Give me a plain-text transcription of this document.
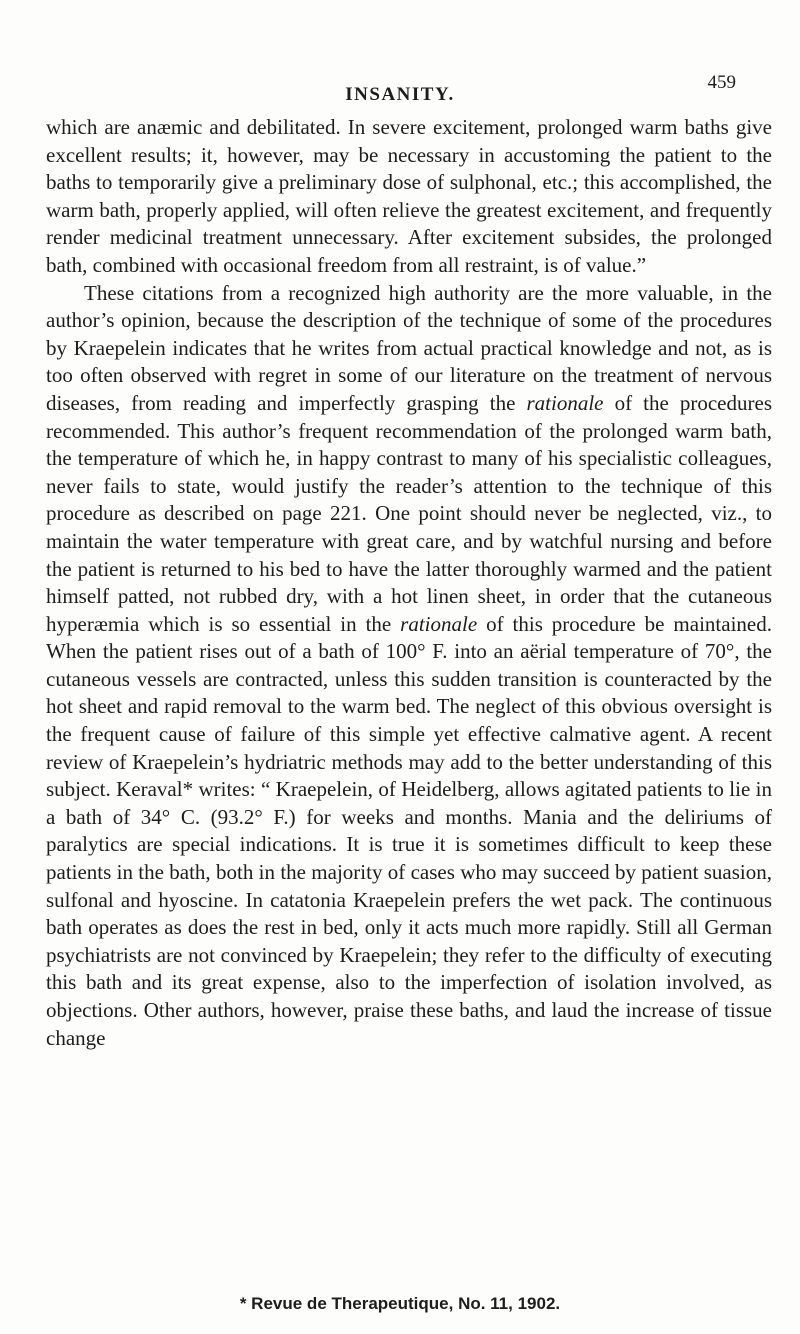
INSANITY.
459

which are anæmic and debilitated. In severe excitement, prolonged warm baths give excellent results; it, however, may be necessary in accustoming the patient to the baths to temporarily give a preliminary dose of sulphonal, etc.; this accomplished, the warm bath, properly applied, will often relieve the greatest excitement, and frequently render medicinal treatment unnecessary. After excitement subsides, the prolonged bath, combined with occasional freedom from all restraint, is of value.”

These citations from a recognized high authority are the more valuable, in the author’s opinion, because the description of the technique of some of the procedures by Kraepelein indicates that he writes from actual practical knowledge and not, as is too often observed with regret in some of our literature on the treatment of nervous diseases, from reading and imperfectly grasping the rationale of the procedures recommended. This author’s frequent recommendation of the prolonged warm bath, the temperature of which he, in happy contrast to many of his specialistic colleagues, never fails to state, would justify the reader’s attention to the technique of this procedure as described on page 221. One point should never be neglected, viz., to maintain the water temperature with great care, and by watchful nursing and before the patient is returned to his bed to have the latter thoroughly warmed and the patient himself patted, not rubbed dry, with a hot linen sheet, in order that the cutaneous hyperæmia which is so essential in the rationale of this procedure be maintained. When the patient rises out of a bath of 100° F. into an aërial temperature of 70°, the cutaneous vessels are contracted, unless this sudden transition is counteracted by the hot sheet and rapid removal to the warm bed. The neglect of this obvious oversight is the frequent cause of failure of this simple yet effective calmative agent. A recent review of Kraepelein’s hydriatric methods may add to the better understanding of this subject. Keraval* writes: “ Kraepelein, of Heidelberg, allows agitated patients to lie in a bath of 34° C. (93.2° F.) for weeks and months. Mania and the deliriums of paralytics are special indications. It is true it is sometimes difficult to keep these patients in the bath, both in the majority of cases who may succeed by patient suasion, sulfonal and hyoscine. In catatonia Kraepelein prefers the wet pack. The continuous bath operates as does the rest in bed, only it acts much more rapidly. Still all German psychiatrists are not convinced by Kraepelein; they refer to the difficulty of executing this bath and its great expense, also to the imperfection of isolation involved, as objections. Other authors, however, praise these baths, and laud the increase of tissue change

* Revue de Therapeutique, No. 11, 1902.
